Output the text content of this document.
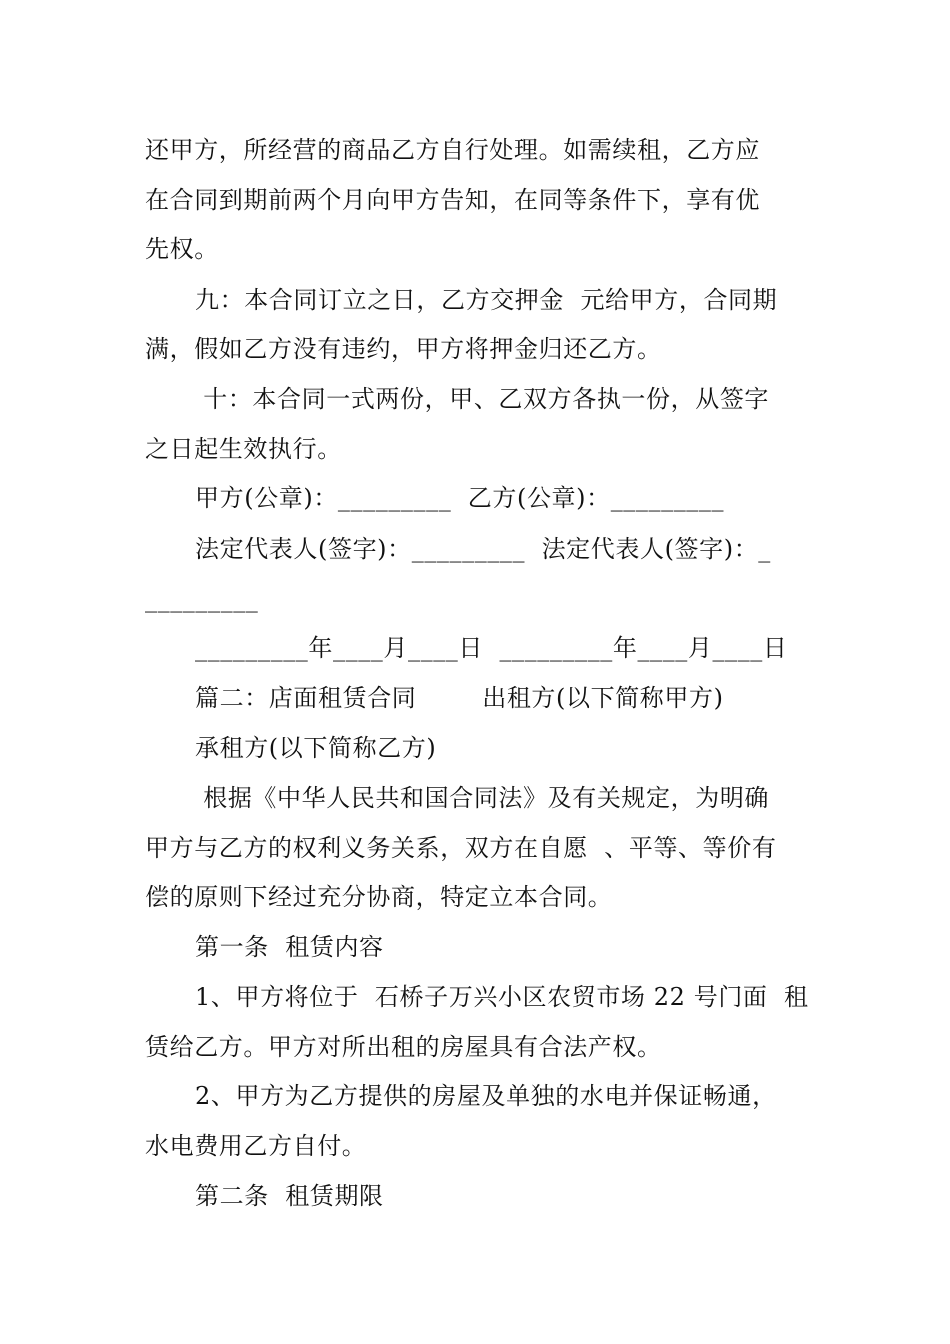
还甲方，所经营的商品乙方自行处理。如需续租，乙方应
在合同到期前两个月向甲方告知，在同等条件下，享有优
先权。
九：本合同订立之日，乙方交押金  元给甲方，合同期
满，假如乙方没有违约，甲方将押金归还乙方。
十：本合同一式两份，甲、乙双方各执一份，从签字
之日起生效执行。
甲方(公章)：_________  乙方(公章)：_________
法定代表人(签字)：_________  法定代表人(签字)：_
_________
_________年____月____日  _________年____月____日
篇二：店面租赁合同        出租方(以下简称甲方)
承租方(以下简称乙方)
根据《中华人民共和国合同法》及有关规定，为明确
甲方与乙方的权利义务关系，双方在自愿  、平等、等价有
偿的原则下经过充分协商，特定立本合同。
第一条  租赁内容
1、甲方将位于  石桥子万兴小区农贸市场 22 号门面  租
赁给乙方。甲方对所出租的房屋具有合法产权。
2、甲方为乙方提供的房屋及单独的水电并保证畅通，
水电费用乙方自付。
第二条  租赁期限
